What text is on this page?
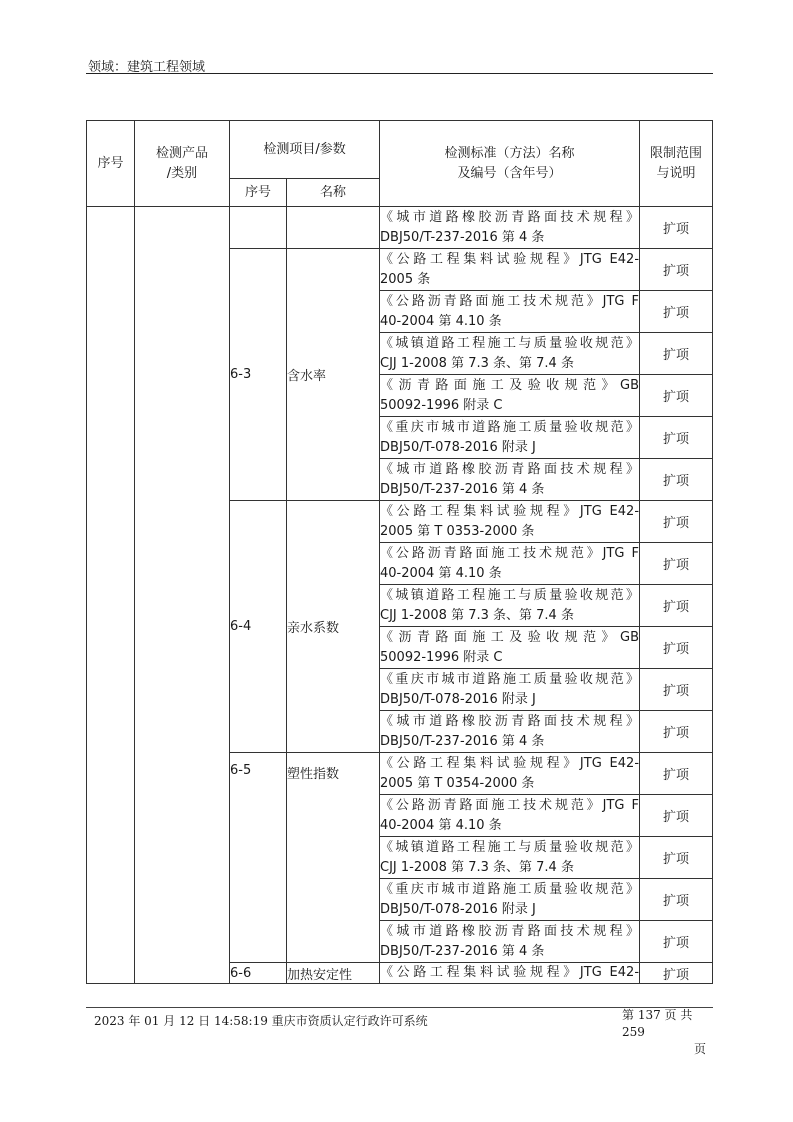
领域：建筑工程领域
序号	检测产品
/类别	检测项目/参数		检测标准（方法）名称
及编号（含年号）	限制范围
与说明
		序号	名称		
				《城市道路橡胶沥青路面技术规程》
DBJ50/T-237-2016 第 4 条	扩项
		6-3	含水率	《公路工程集料试验规程》JTG E42-
2005 条	扩项
				《公路沥青路面施工技术规范》JTG F
40-2004 第 4.10 条	扩项
				《城镇道路工程施工与质量验收规范》
CJJ 1-2008 第 7.3 条、第 7.4 条	扩项
				《沥青路面施工及验收规范》GB
50092-1996 附录 C	扩项
				《重庆市城市道路施工质量验收规范》
DBJ50/T-078-2016 附录 J	扩项
				《城市道路橡胶沥青路面技术规程》
DBJ50/T-237-2016 第 4 条	扩项
		6-4	亲水系数	《公路工程集料试验规程》JTG E42-
2005 第 T 0353-2000 条	扩项
				《公路沥青路面施工技术规范》JTG F
40-2004 第 4.10 条	扩项
				《城镇道路工程施工与质量验收规范》
CJJ 1-2008 第 7.3 条、第 7.4 条	扩项
				《沥青路面施工及验收规范》GB
50092-1996 附录 C	扩项
				《重庆市城市道路施工质量验收规范》
DBJ50/T-078-2016 附录 J	扩项
				《城市道路橡胶沥青路面技术规程》
DBJ50/T-237-2016 第 4 条	扩项
		6-5	塑性指数	《公路工程集料试验规程》JTG E42-
2005 第 T 0354-2000 条	扩项
				《公路沥青路面施工技术规范》JTG F
40-2004 第 4.10 条	扩项
				《城镇道路工程施工与质量验收规范》
CJJ 1-2008 第 7.3 条、第 7.4 条	扩项
				《重庆市城市道路施工质量验收规范》
DBJ50/T-078-2016 附录 J	扩项
				《城市道路橡胶沥青路面技术规程》
DBJ50/T-237-2016 第 4 条	扩项
		6-6	加热安定性	《公路工程集料试验规程》JTG E42-	扩项
2023 年 01 月 12 日 14:58:19 重庆市资质认定行政许可系统	第 137 页 共 259
页
